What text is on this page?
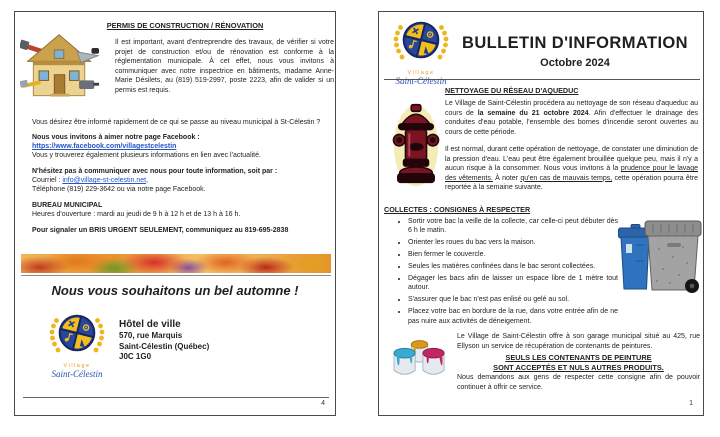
PERMIS DE CONSTRUCTION / RÉNOVATION

Il est important, avant d'entreprendre des travaux, de vérifier si votre projet de construction et/ou de rénovation est conforme à la réglementation municipale. À cet effet, nous vous invitons à communiquer avec notre inspectrice en bâtiments, madame Anne-Marie Désilets, au (819) 519-2997, poste 2223, afin de valider si un permis est requis.

Vous désirez être informé rapidement de ce qui se passe au niveau municipal à St-Célestin ?

Nous vous invitons à aimer notre page Facebook :

https://www.facebook.com/villagestcelestin

Vous y trouverez également plusieurs informations en lien avec l'actualité.

N'hésitez pas à communiquer avec nous pour toute information, soit par :

Courriel : info@village-st-celestin.net,

Téléphone (819) 229-3642 ou via notre page Facebook.

BUREAU MUNICIPAL

Heures d'ouverture : mardi au jeudi de 9 h à 12 h et de 13 h à 16 h.

Pour signaler un BRIS URGENT SEULEMENT, communiquez au 819-695-2838

Nous vous souhaitons un bel automne !

Village
Saint-Célestin
Hôtel de ville
570, rue Marquis
Saint-Célestin (Québec)
J0C 1G0
4
Village
Saint-Célestin
BULLETIN D'INFORMATION
Octobre 2024
NETTOYAGE DU RÉSEAU D'AQUEDUC

Le Village de Saint-Célestin procédera au nettoyage de son réseau d'aqueduc au cours de la semaine du 21 octobre 2024. Afin d'effectuer le drainage des conduites d'eau potable, l'ensemble des bornes d'incendie seront ouvertes au cours de cette période.

Il est normal, durant cette opération de nettoyage, de constater une diminution de la pression d'eau. L'eau peut être également brouillée quelque peu, mais il n'y a aucun risque à la consommer. Nous vous invitons à la prudence pour le lavage des vêtements. À noter qu'en cas de mauvais temps, cette opération pourra être reportée à la semaine suivante.

COLLECTES : CONSIGNES À RESPECTER
• Sortir votre bac la veille de la collecte, car celle-ci peut débuter dès 6 h le matin.
• Orienter les roues du bac vers la maison.
• Bien fermer le couvercle.
• Seules les matières confinées dans le bac seront collectées.
• Dégager les bacs afin de laisser un espace libre de 1 mètre tout autour.
• S'assurer que le bac n'est pas enlisé ou gelé au sol.
• Placez votre bac en bordure de la rue, dans votre entrée afin de ne pas nuire aux activités de déneigement.

Le Village de Saint-Célestin offre à son garage municipal situé au 425, rue Ellyson un service de récupération de contenants de peintures.

SEULS LES CONTENANTS DE PEINTURE
SONT ACCEPTÉS ET NULS AUTRES PRODUITS.

Nous demandons aux gens de respecter cette consigne afin de pouvoir continuer à offrir ce service.

1
